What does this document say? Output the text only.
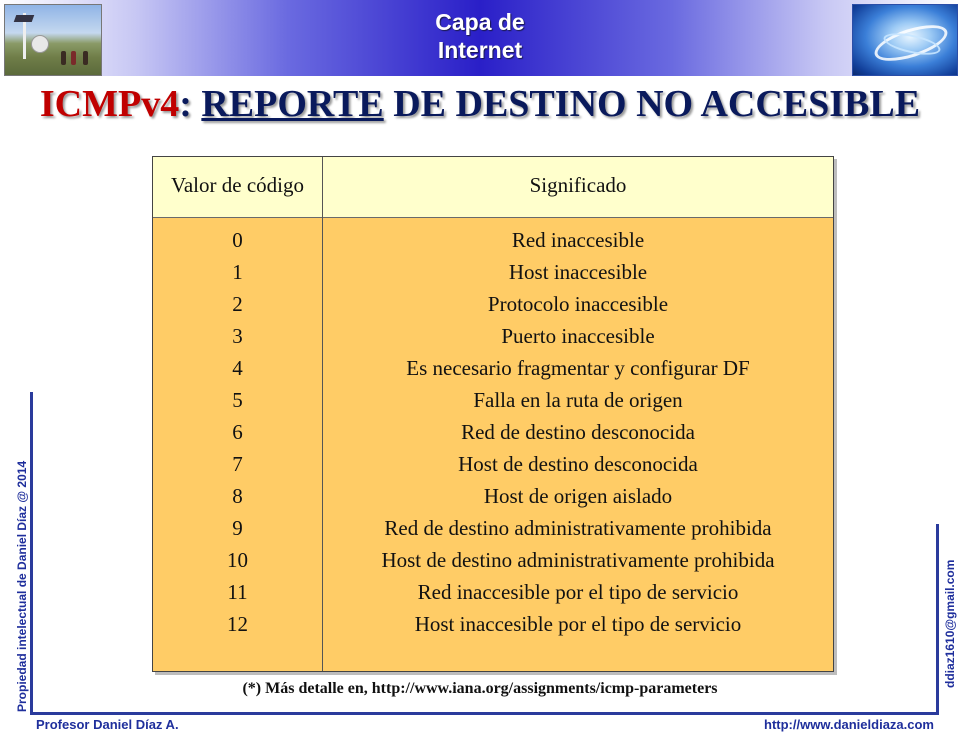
Capa de
Internet
ICMPv4: REPORTE DE DESTINO NO ACCESIBLE
Valor de código	Significado
0	Red inaccesible
1	Host inaccesible
2	Protocolo inaccesible
3	Puerto inaccesible
4	Es necesario fragmentar y configurar DF
5	Falla en la ruta de origen
6	Red de destino desconocida
7	Host de destino desconocida
8	Host de origen aislado
9	Red de destino administrativamente prohibida
10	Host de destino administrativamente prohibida
11	Red inaccesible por el tipo de servicio
12	Host inaccesible por el tipo de servicio
(*) Más detalle en, http://www.iana.org/assignments/icmp-parameters
Propiedad intelectual de Daniel Díaz @ 2014	ddiaz1610@gmail.com
Profesor Daniel Díaz A.	http://www.danieldiaza.com
